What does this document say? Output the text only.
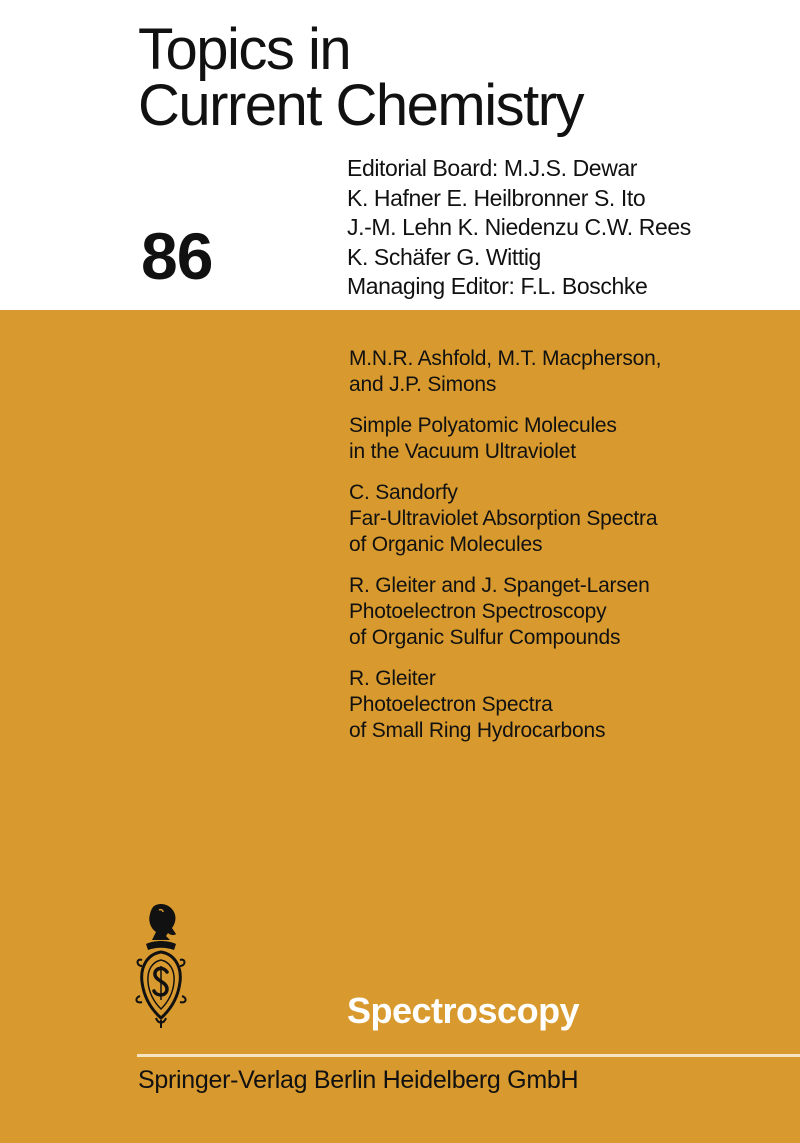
Topics in
Current Chemistry
86
Editorial Board: M.J.S. Dewar
K. Hafner E. Heilbronner S. Ito
J.-M. Lehn K. Niedenzu C.W. Rees
K. Schäfer G. Wittig
Managing Editor: F.L. Boschke
M.N.R. Ashfold, M.T. Macpherson,
and J.P. Simons
Simple Polyatomic Molecules
in the Vacuum Ultraviolet
C. Sandorfy
Far-Ultraviolet Absorption Spectra
of Organic Molecules
R. Gleiter and J. Spanget-Larsen
Photoelectron Spectroscopy
of Organic Sulfur Compounds
R. Gleiter
Photoelectron Spectra
of Small Ring Hydrocarbons
Spectroscopy
Springer-Verlag Berlin Heidelberg GmbH
